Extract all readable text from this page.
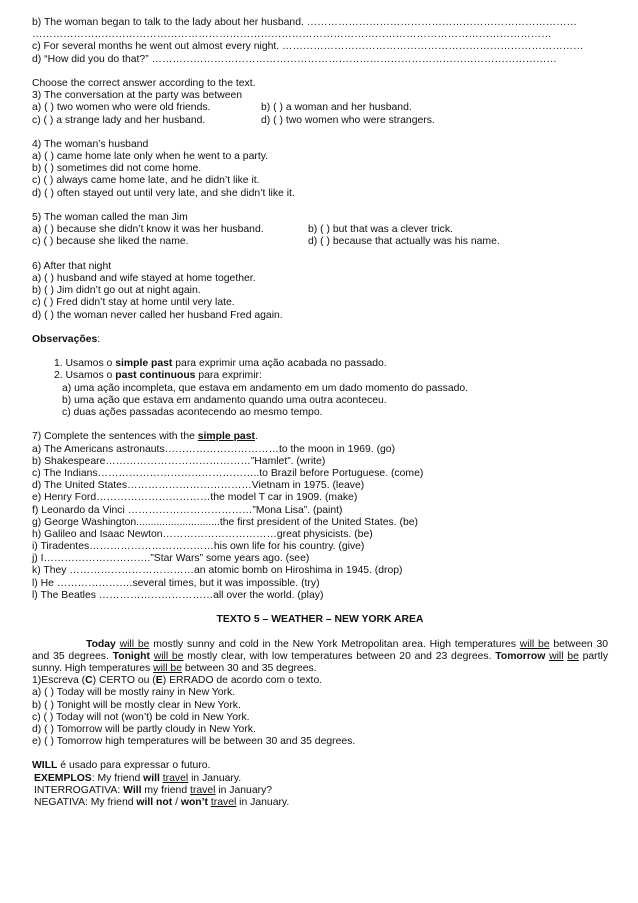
b) The woman began to talk to the lady about her husband. ……………………………………………………………………
……………………………………………………………………………………………………………………………………
c) For several months he went out almost every night. ……………………………………………………………………………
d) “How did you do that?” ………………………………………………………………………………………………………
Choose the correct answer according to the text.
3) The conversation at the party was between
a) ( ) two women who were old friends.	b) ( ) a woman and her husband.
c) ( ) a strange lady and her husband.	d) ( ) two women who were strangers.
4) The woman’s husband
a) ( ) came home late only when he went to a party.
b) ( ) sometimes did not come home.
c) ( ) always came home late, and he didn’t like it.
d) ( ) often stayed out until very late, and she didn’t like it.
5) The woman called the man Jim
a) ( ) because she didn’t know it was her husband.	b) ( ) but that was a clever trick.
c) ( ) because she liked the name.	d) ( ) because that actually was his name.
6) After that night
a) ( ) husband and wife stayed at home together.
b) ( ) Jim didn’t go out at night again.
c) ( ) Fred didn’t stay at home until very late.
d) ( ) the woman never called her husband Fred again.
Observações:
1. Usamos o simple past para exprimir uma ação acabada no passado.
2. Usamos o past continuous para exprimir:
a) uma ação incompleta, que estava em andamento em um dado momento do passado.
b) uma ação que estava em andamento quando uma outra aconteceu.
c) duas ações passadas acontecendo ao mesmo tempo.
7) Complete the sentences with the simple past.
a) The Americans astronauts……………………………to the moon in 1969. (go)
b) Shakespeare……………………………………”Hamlet”. (write)
c) The Indians………………………………………..to Brazil before Portuguese. (come)
d) The United States………………………………Vietnam in 1975. (leave)
e) Henry Ford……………………………the model T car in 1909. (make)
f) Leonardo da Vinci ………………………………”Mona Lisa”. (paint)
g) George Washington.............................the first president of the United States. (be)
h) Galileo and Isaac Newton……………………………great physicists. (be)
i) Tiradentes………………………………his own life for his country. (give)
j) I………………………….”Star Wars” some years ago. (see)
k) They ………………………………an atomic bomb on Hiroshima in 1945. (drop)
l) He ………………….several times, but it was impossible. (try)
l) The Beatles ……………………………all over the world. (play)
TEXTO 5 – WEATHER – NEW YORK AREA
Today will be mostly sunny and cold in the New York Metropolitan area. High temperatures will be between 30 and 35 degrees. Tonight will be mostly clear, with low temperatures between 20 and 23 degrees. Tomorrow will be partly sunny. High temperatures will be between 30 and 35 degrees.
1)Escreva (C) CERTO ou (E) ERRADO de acordo com o texto.
a) ( ) Today will be mostly rainy in New York.
b) ( ) Tonight will be mostly clear in New York.
c) ( ) Today will not (won’t) be cold in New York.
d) ( ) Tomorrow will be partly cloudy in New York.
e) ( ) Tomorrow high temperatures will be between 30 and 35 degrees.
WILL é usado para expressar o futuro.
EXEMPLOS: My friend will travel in January.
INTERROGATIVA: Will my friend travel in January?
NEGATIVA: My friend will not / won’t travel in January.
